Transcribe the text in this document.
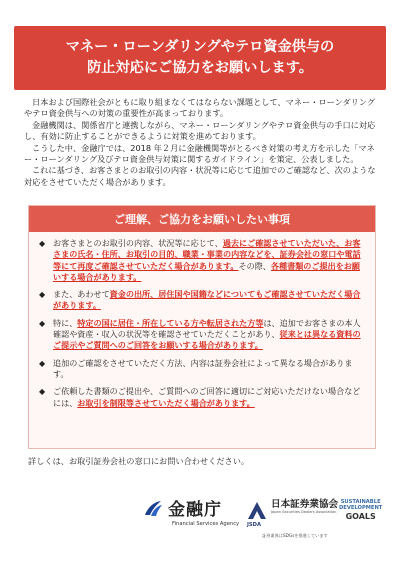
マネー・ローンダリングやテロ資金供与の
防止対応にご協力をお願いします。

日本および国際社会がともに取り組まなくてはならない課題として、マネー・ローンダリングやテロ資金供与への対策の重要性が高まっております。

金融機関は、関係省庁と連携しながら、マネー・ローンダリングやテロ資金供与の手口に対応し、有効に防止することができるように対策を進めております。

こうした中、金融庁では、2018 年２月に金融機関等がとるべき対策の考え方を示した「マネー・ローンダリング及びテロ資金供与対策に関するガイドライン」を策定、公表しました。

これに基づき、お客さまとのお取引の内容・状況等に応じて追加でのご確認など、次のような対応をさせていただく場合があります。

ご理解、ご協力をお願いしたい事項
◆ お客さまとのお取引の内容、状況等に応じて、過去にご確認させていただいた、お客さまの氏名・住所、お取引の目的、職業・事業の内容などを、証券会社の窓口や電話等にて再度ご確認させていただく場合があります。その際、各種書類のご提出をお願いする場合があります。
◆ また、あわせて資金の出所、居住国や国籍などについてもご確認させていただく場合があります。
◆ 特に、特定の国に居住・所在している方や転居された方等は、追加でお客さまの本人確認や資産・収入の状況等を確認させていただくことがあり、従来とは異なる資料のご提示やご質問へのご回答をお願いする場合があります。
◆ 追加のご確認をさせていただく方法、内容は証券会社によって異なる場合があります。
◆ ご依頼した書類のご提出や、ご質問へのご回答に適切にご対応いただけない場合などには、お取引を制限等させていただく場合があります。
詳しくは、お取引証券会社の窓口にお問い合わせください。
金融庁
Financial Services Agency
日本証券業協会
Japan Securities Dealers Association
JSDA
証券業界はSDGsを推進しています
SUSTAINABLE
DEVELOPMENT
GOALS
